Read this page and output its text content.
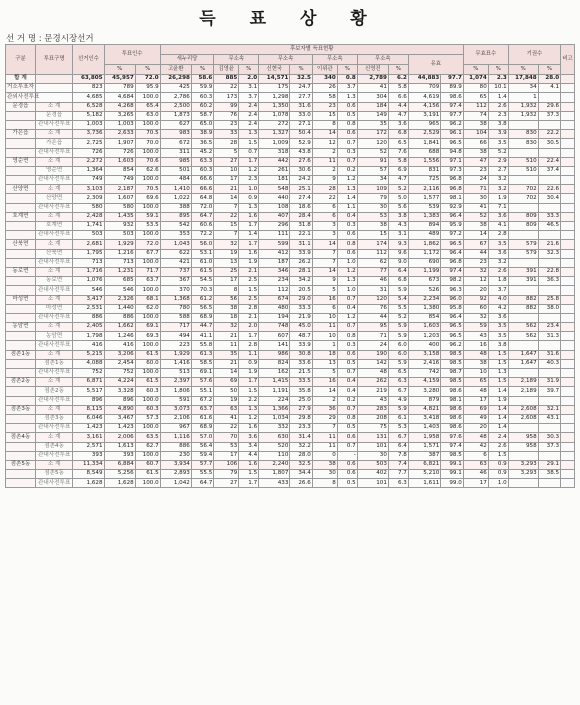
득 표 상 황
선 거 명 : 문경시장선거
구분	투표구명	선거인수	투표인수		후보자별 득표현황												무효표수		기권수		비고
					새누리당		무소속		무소속		무소속		무소속		유효						
			%	%	고윤환	%	김영윤	%	신현국	%	이위관	%	신영진	%			%	%	%	%	
합 계		63,805	45,957	72.0	26,298	58.6	885	2.0	14,571	32.5	340	0.8	2,789	6.2	44,883	97.7	1,074	2.3	17,848	28.0	
거소투표자		823	789	95.9	425	59.9	22	3.1	175	24.7	26	3.7	41	5.8	709	89.9	80	10.1	34	4.1	
관외사전투표		4,685	4,684	100.0	2,786	60.3	173	3.7	1,298	27.7	58	1.3	304	6.6	4,619	98.6	65	1.4	1		
문경읍	소 계	6,528	4,268	65.4	2,500	60.2	99	2.4	1,350	31.6	23	0.6	184	4.4	4,156	97.4	112	2.6	1,932	29.6	
	문경읍	5,182	3,265	63.0	1,873	58.7	76	2.4	1,078	33.0	15	0.5	149	4.7	3,191	97.7	74	2.3	1,932	37.3	
	관내사전투표	1,003	1,003	100.0	627	65.0	23	2.4	272	27.1	8	0.8	35	3.6	965	96.2	38	3.8			
가은읍	소 계	3,736	2,633	70.5	983	38.9	33	1.3	1,327	50.4	14	0.6	172	6.8	2,529	96.1	104	3.9	830	22.2	
	가은읍	2,725	1,907	70.0	672	36.5	28	1.5	1,009	52.9	12	0.7	120	6.5	1,841	96.5	66	3.5	830	30.5	
	관내사전투표	726	726	100.0	311	45.2	5	0.7	318	43.8	2	0.3	52	7.6	688	94.8	38	5.2			
영순면	소 계	2,272	1,603	70.6	985	63.3	27	1.7	442	27.6	11	0.7	91	5.8	1,556	97.1	47	2.9	510	22.4	
	영순면	1,364	854	62.6	501	60.3	10	1.2	261	30.6	2	0.2	57	6.9	831	97.3	23	2.7	510	37.4	
	관내사전투표	749	749	100.0	484	66.6	17	2.3	181	24.2	9	1.2	34	4.7	725	96.8	24	3.2			
산양면	소 계	3,103	2,187	70.5	1,410	66.6	21	1.0	548	25.1	28	1.3	109	5.2	2,116	96.8	71	3.2	702	22.6	
	산양면	2,309	1,607	69.6	1,022	64.8	14	0.9	440	27.4	22	1.4	79	5.0	1,577	98.1	30	1.9	702	30.4	
	관내사전투표	580	580	100.0	388	72.0	7	1.3	108	18.6	6	1.1	30	5.6	539	92.9	41	7.1			
호계면	소 계	2,428	1,435	59.1	895	64.7	22	1.6	407	28.4	6	0.4	53	3.8	1,383	96.4	52	3.6	809	33.3	
	호계면	1,741	932	53.5	542	60.6	15	1.7	296	31.8	3	0.3	38	4.3	894	95.9	38	4.1	809	46.5	
	관내사전투표	503	503	100.0	353	72.2	7	1.4	111	22.1	3	0.6	15	3.1	489	97.2	14	2.8			
산북면	소 계	2,681	1,929	72.0	1,043	56.0	32	1.7	599	31.1	14	0.8	174	9.3	1,862	96.5	67	3.5	579	21.6	
	산북면	1,795	1,216	67.7	622	53.1	19	1.6	412	33.9	7	0.6	112	9.6	1,172	96.4	44	3.6	579	32.3	
	관내사전투표	713	713	100.0	421	61.0	13	1.9	187	26.2	7	1.0	62	9.0	690	96.8	23	3.2			
동로면	소 계	1,716	1,231	71.7	737	61.5	25	2.1	346	28.1	14	1.2	77	6.4	1,199	97.4	32	2.6	391	22.8	
	동로면	1,076	685	63.7	367	54.5	17	2.5	234	34.2	9	1.3	46	6.8	673	98.2	12	1.8	391	36.3	
	관내사전투표	546	546	100.0	370	70.3	8	1.5	112	20.5	5	1.0	31	5.9	526	96.3	20	3.7			
마성면	소 계	3,417	2,326	68.1	1,368	61.2	56	2.5	674	29.0	16	0.7	120	5.4	2,234	96.0	92	4.0	882	25.8	
	마성면	2,531	1,440	62.0	780	56.5	38	2.8	480	33.3	6	0.4	76	5.5	1,380	95.8	60	4.2	882	38.0	
	관내사전투표	886	886	100.0	588	68.9	18	2.1	194	21.9	10	1.2	44	5.2	854	96.4	32	3.6			
농암면	소 계	2,405	1,662	69.1	717	44.7	32	2.0	748	45.0	11	0.7	95	5.9	1,603	96.5	59	3.5	562	23.4	
	농암면	1,798	1,246	69.3	494	41.1	21	1.7	607	48.7	10	0.8	71	5.9	1,203	96.5	43	3.5	562	31.3	
	관내사전투표	416	416	100.0	223	55.8	11	2.8	141	33.9	1	0.3	24	6.0	400	96.2	16	3.8			
점촌1동	소 계	5,215	3,206	61.5	1,929	61.3	35	1.1	986	30.8	18	0.6	190	6.0	3,158	98.5	48	1.5	1,647	31.6	
	점촌1동	4,088	2,454	60.0	1,416	58.5	21	0.9	824	33.6	13	0.5	142	5.9	2,416	98.5	38	1.5	1,647	40.3	
	관내사전투표	752	752	100.0	513	69.1	14	1.9	162	21.5	5	0.7	48	6.5	742	98.7	10	1.3			
점촌2동	소 계	6,871	4,224	61.5	2,397	57.6	69	1.7	1,415	33.5	16	0.4	262	6.3	4,159	98.5	65	1.5	2,189	31.9	
	점촌2동	5,517	3,328	60.3	1,806	55.1	50	1.5	1,191	35.8	14	0.4	219	6.7	3,280	98.6	48	1.4	2,189	39.7	
	관내사전투표	896	896	100.0	591	67.2	19	2.2	224	25.0	2	0.2	43	4.9	879	98.1	17	1.9			
점촌3동	소 계	8,115	4,890	60.3	3,073	63.7	63	1.3	1,366	27.9	36	0.7	283	5.9	4,821	98.6	69	1.4	2,608	32.1	
	점촌3동	6,046	3,467	57.3	2,106	61.6	41	1.2	1,034	29.8	29	0.8	208	6.1	3,418	98.6	49	1.4	2,608	43.1	
	관내사전투표	1,423	1,423	100.0	967	68.9	22	1.6	332	23.3	7	0.5	75	5.3	1,403	98.6	20	1.4			
점촌4동	소 계	3,161	2,006	63.5	1,116	57.0	70	3.6	630	31.4	11	0.6	131	6.7	1,958	97.6	48	2.4	958	30.3	
	점촌4동	2,571	1,613	62.7	886	56.4	53	3.4	520	32.2	11	0.7	101	6.4	1,571	97.4	42	2.6	958	37.3	
	관내사전투표	393	393	100.0	230	59.4	17	4.4	110	28.0	0	-	30	7.8	387	98.5	6	1.5			
점촌5동	소 계	11,334	6,884	60.7	3,934	57.7	106	1.6	2,240	32.5	38	0.6	503	7.4	6,821	99.1	63	0.9	3,293	29.1	
	점촌5동	8,549	5,256	61.5	2,893	55.5	79	1.5	1,807	34.4	30	0.6	402	7.7	5,210	99.1	46	0.9	3,293	38.5	
	관내사전투표	1,628	1,628	100.0	1,042	64.7	27	1.7	433	26.6	8	0.5	101	6.3	1,611	99.0	17	1.0			
